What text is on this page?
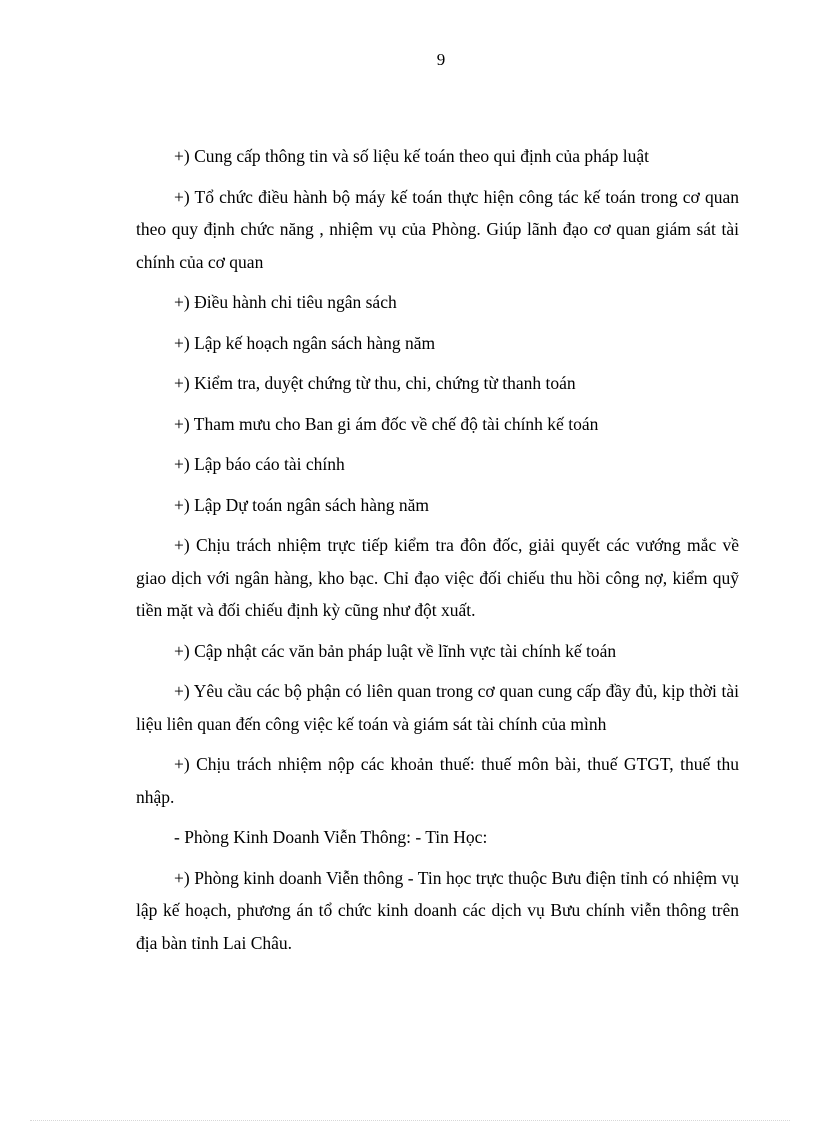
9

+) Cung cấp thông tin và số liệu kế toán theo qui định của pháp luật

+) Tổ chức điều hành bộ máy kế toán thực hiện công tác kế toán trong cơ quan theo quy định chức năng , nhiệm vụ của Phòng. Giúp lãnh đạo cơ quan giám sát tài chính của cơ quan

+) Điều hành chi tiêu ngân sách

+) Lập kế hoạch ngân sách hàng năm

+) Kiểm tra, duyệt chứng từ thu, chi, chứng từ thanh toán

+) Tham mưu cho Ban gi ám đốc về chế độ tài chính kế toán

+) Lập báo cáo tài chính

+) Lập Dự toán ngân sách hàng năm

+) Chịu trách nhiệm trực tiếp kiểm tra đôn đốc, giải quyết các vướng mắc về giao dịch với ngân hàng, kho bạc. Chỉ đạo việc đối chiếu thu hồi công nợ, kiểm quỹ tiền mặt và đối chiếu định kỳ cũng như đột xuất.

+) Cập nhật các văn bản pháp luật về lĩnh vực tài chính kế toán

+) Yêu cầu các bộ phận có liên quan trong cơ quan cung cấp đầy đủ, kịp thời tài liệu liên quan đến công việc kế toán và giám sát tài chính của mình

+) Chịu trách nhiệm nộp các khoản thuế: thuế môn bài, thuế GTGT, thuế thu nhập.

- Phòng Kinh Doanh Viễn Thông: - Tin Học:

+) Phòng kinh doanh Viễn thông - Tin học trực thuộc Bưu điện tỉnh có nhiệm vụ lập kế hoạch, phương án tổ chức kinh doanh các dịch vụ Bưu chính viễn thông trên địa bàn tỉnh Lai Châu.
